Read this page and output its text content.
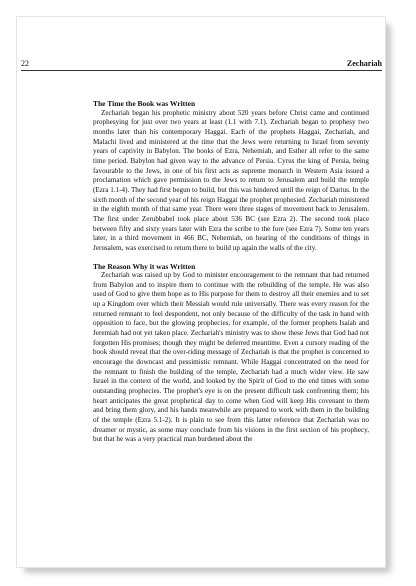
22	Zechariah

The Time the Book was Written

Zechariah began his prophetic ministry about 520 years before Christ came and continued prophesying for just over two years at least (1.1 with 7.1). Zechariah began to prophesy two months later than his contemporary Haggai. Each of the prophets Haggai, Zechariah, and Malachi lived and ministered at the time that the Jews were returning to Israel from seventy years of captivity in Babylon. The books of Ezra, Nehemiah, and Esther all refer to the same time period. Babylon had given way to the advance of Persia. Cyrus the king of Persia, being favourable to the Jews, in one of his first acts as supreme monarch in Western Asia issued a proclamation which gave permission to the Jews to return to Jerusalem and build the temple (Ezra 1.1-4). They had first begun to build, but this was hindered until the reign of Darius. In the sixth month of the second year of his reign Haggai the prophet prophesied. Zechariah ministered in the eighth month of that same year. There were three stages of movement back to Jerusalem. The first under Zerubbabel took place about 536 BC (see Ezra 2). The second took place between fifty and sixty years later with Ezra the scribe to the fore (see Ezra 7). Some ten years later, in a third movement in 466 BC, Nehemiah, on hearing of the conditions of things in Jerusalem, was exercised to return there to build up again the walls of the city.

The Reason Why it was Written

Zechariah was raised up by God to minister encouragement to the remnant that had returned from Babylon and to inspire them to continue with the rebuilding of the temple. He was also used of God to give them hope as to His purpose for them to destroy all their enemies and to set up a Kingdom over which their Messiah would rule universally. There was every reason for the returned remnant to feel despondent, not only because of the difficulty of the task in hand with opposition to face, but the glowing prophecies, for example, of the former prophets Isaiah and Jeremiah had not yet taken place. Zechariah's ministry was to show these Jews that God had not forgotten His promises; though they might be deferred meantime. Even a cursory reading of the book should reveal that the over-riding message of Zechariah is that the prophet is concerned to encourage the downcast and pessimistic remnant. While Haggai concentrated on the need for the remnant to finish the building of the temple, Zechariah had a much wider view. He saw Israel in the context of the world, and looked by the Spirit of God to the end times with some outstanding prophecies. The prophet's eye is on the present difficult task confronting them; his heart anticipates the great prophetical day to come when God will keep His covenant to them and bring them glory, and his hands meanwhile are prepared to work with them in the building of the temple (Ezra 5.1-2). It is plain to see from this latter reference that Zechariah was no dreamer or mystic, as some may conclude from his visions in the first section of his prophecy, but that he was a very practical man burdened about the
